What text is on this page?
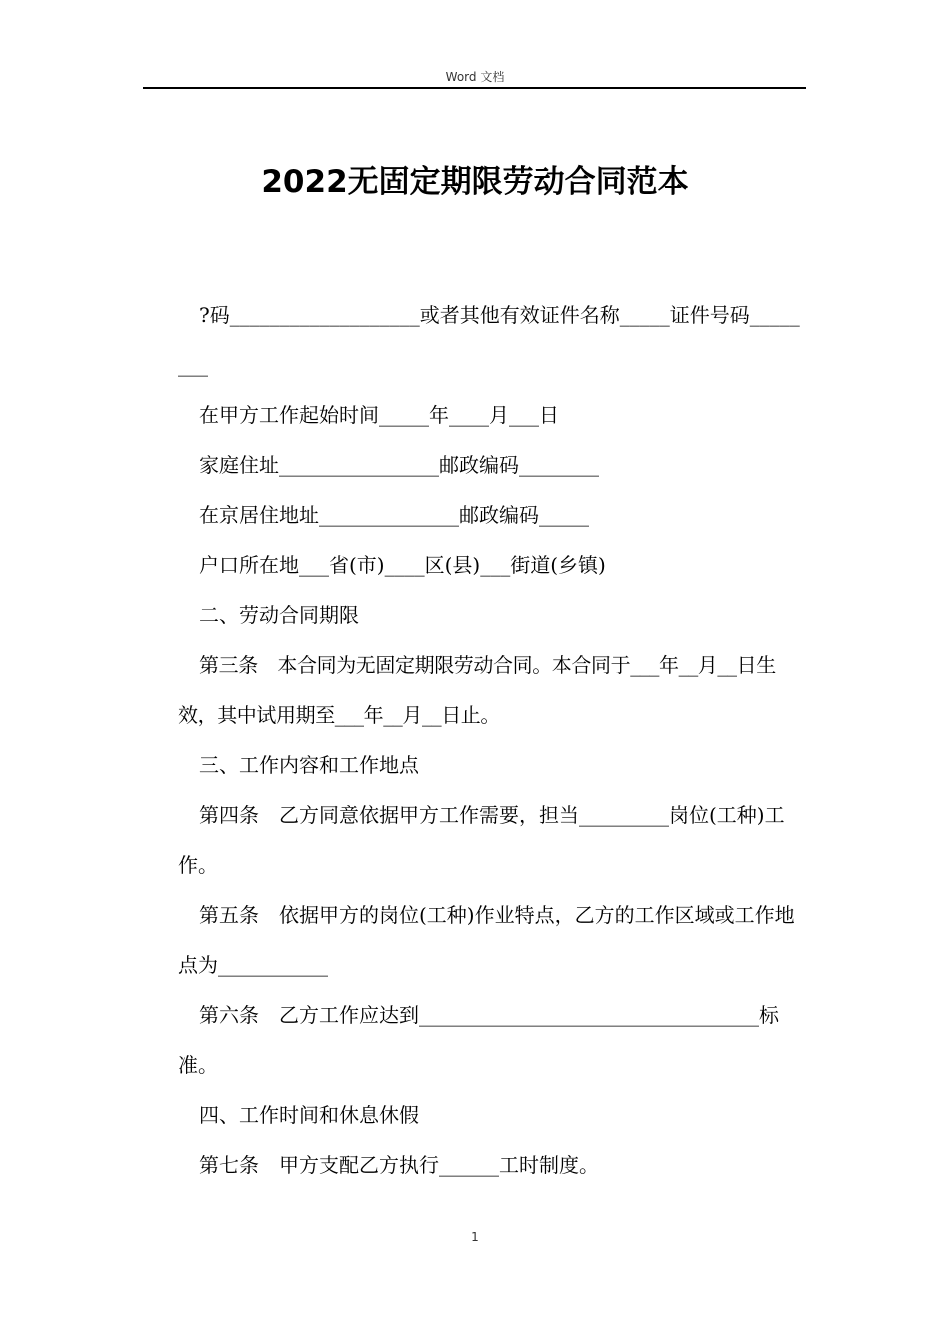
Word 文档
2022无固定期限劳动合同范本

?码___________________或者其他有效证件名称_____证件号码________

在甲方工作起始时间_____年____月___日

家庭住址________________邮政编码________

在京居住地址______________邮政编码_____

户口所在地___省(市)____区(县)___街道(乡镇)

二、劳动合同期限

第三条　本合同为无固定期限劳动合同。本合同于___年__月__日生效，其中试用期至___年__月__日止。

三、工作内容和工作地点

第四条　乙方同意依据甲方工作需要，担当_________岗位(工种)工作。

第五条　依据甲方的岗位(工种)作业特点，乙方的工作区域或工作地点为___________

第六条　乙方工作应达到__________________________________标准。

四、工作时间和休息休假

第七条　甲方支配乙方执行______工时制度。

1
